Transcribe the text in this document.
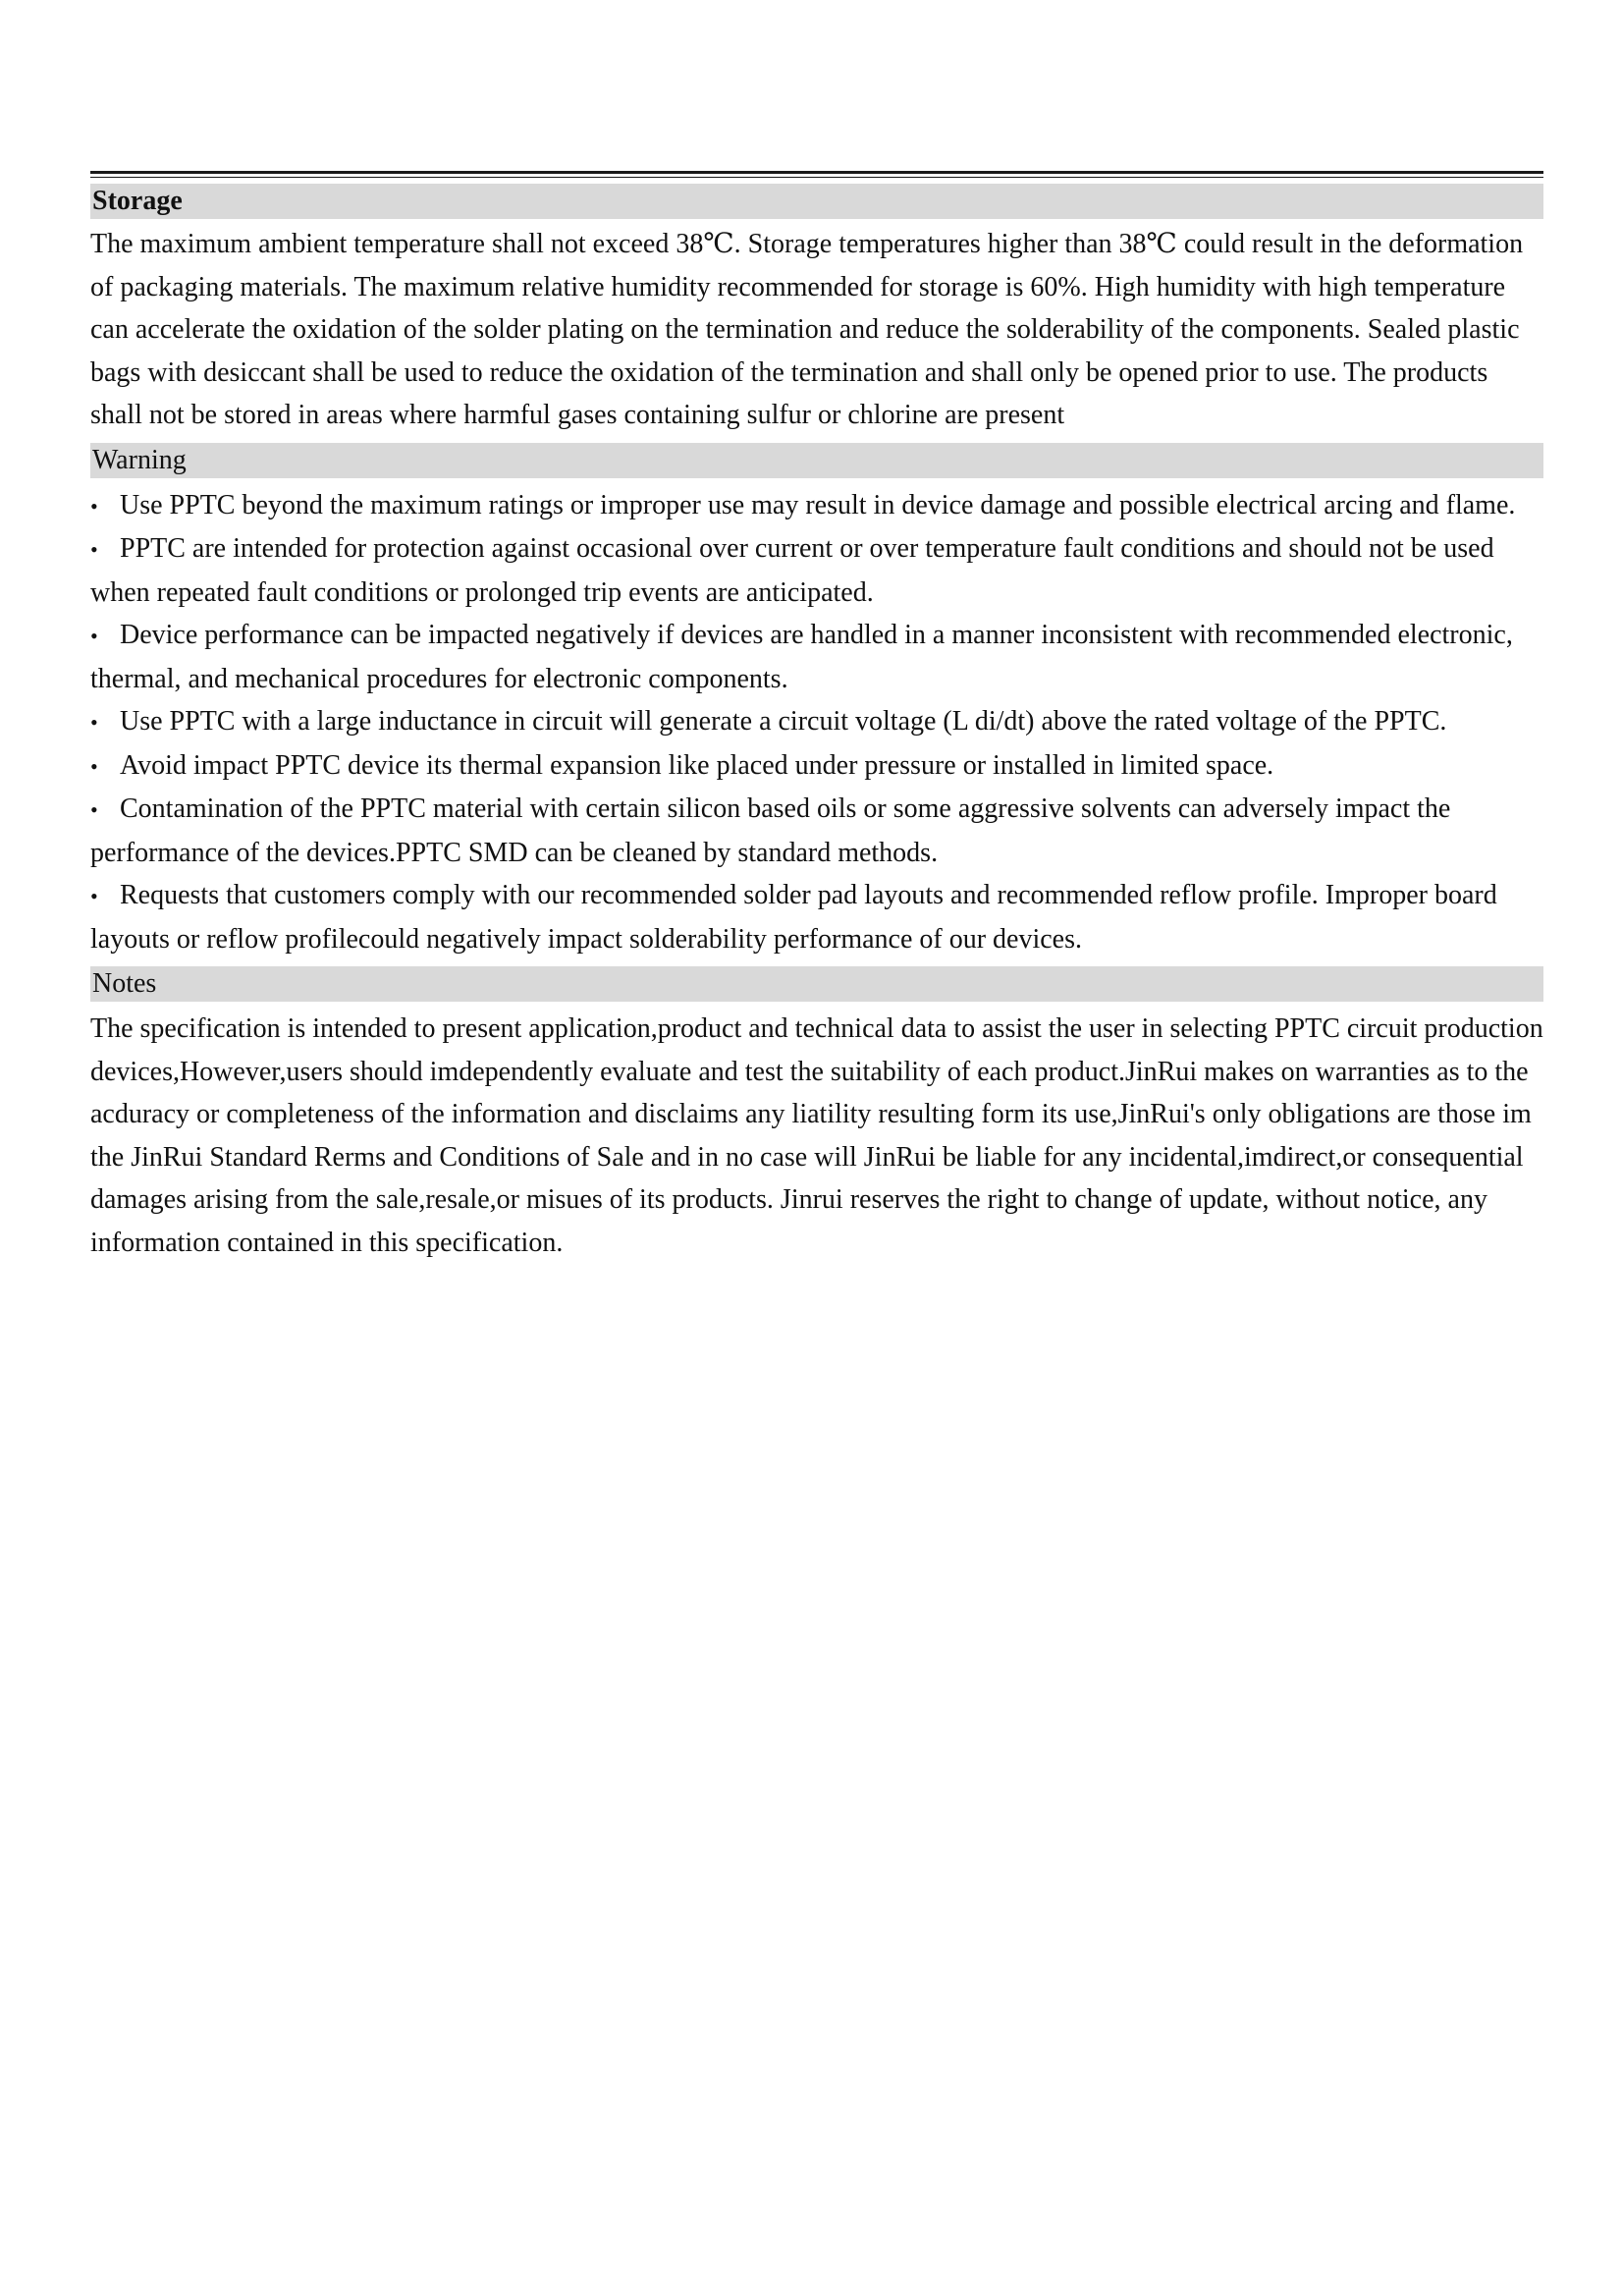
Storage

The maximum ambient temperature shall not exceed 38℃. Storage temperatures higher than 38℃ could result in the deformation of packaging materials. The maximum relative humidity recommended for storage is 60%. High humidity with high temperature can accelerate the oxidation of the solder plating on the termination and reduce the solderability of the components. Sealed plastic bags with desiccant shall be used to reduce the oxidation of the termination and shall only be opened prior to use. The products shall not be stored in areas where harmful gases containing sulfur or chlorine are present

Warning

• Use PPTC beyond the maximum ratings or improper use may result in device damage and possible electrical arcing and flame.

• PPTC are intended for protection against occasional over current or over temperature fault conditions and should not be used when repeated fault conditions or prolonged trip events are anticipated.

• Device performance can be impacted negatively if devices are handled in a manner inconsistent with recommended electronic, thermal, and mechanical procedures for electronic components.

• Use PPTC with a large inductance in circuit will generate a circuit voltage (L di/dt) above the rated voltage of the PPTC.

• Avoid impact PPTC device its thermal expansion like placed under pressure or installed in limited space.

• Contamination of the PPTC material with certain silicon based oils or some aggressive solvents can adversely impact the performance of the devices.PPTC SMD can be cleaned by standard methods.

• Requests that customers comply with our recommended solder pad layouts and recommended reflow profile. Improper board layouts or reflow profilecould negatively impact solderability performance of our devices.

Notes

The specification is intended to present application,product and technical data to assist the user in selecting PPTC circuit production devices,However,users should imdependently evaluate and test the suitability of each product.JinRui makes on warranties as to the acduracy or completeness of the information and disclaims any liatility resulting form its use,JinRui's only obligations are those im the JinRui Standard Rerms and Conditions of Sale and in no case will JinRui be liable for any incidental,imdirect,or consequential damages arising from the sale,resale,or misues of its products. Jinrui reserves the right to change of update, without notice, any information contained in this specification.
